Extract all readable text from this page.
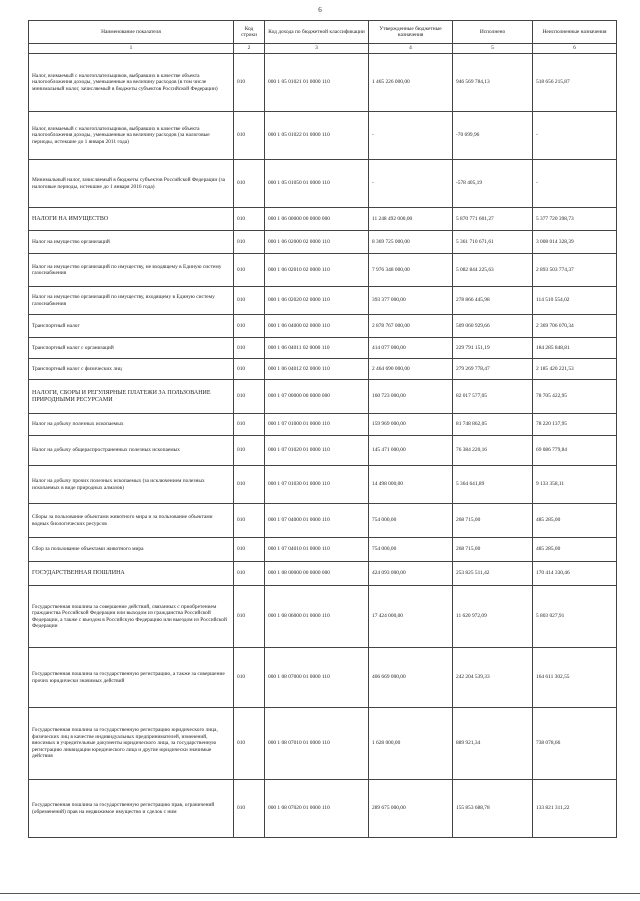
6
Наименование показателя	Код строки	Код дохода по бюджетной классификации	Утвержденные бюджетные назначения	Исполнено	Неисполненные назначения
1	2	3	4	5	6
Налог, взимаемый с налогоплательщиков, выбравших в качестве объекта налогообложения доходы, уменьшенные на величину расходов (в том числе минимальный налог, зачисляемый в бюджеты субъектов Российской Федерации)	010	000 1 05 01021 01 0000 110	1 465 226 000,00	946 569 784,13	518 656 215,87
Налог, взимаемый с налогоплательщиков, выбравших в качестве объекта налогообложения доходы, уменьшенные на величину расходов (за налоговые периоды, истекшие до 1 января 2011 года)	010	000 1 05 01022 01 0000 110	-	-70 699,96	-
Минимальный налог, зачисляемый в бюджеты субъектов Российской Федерации (за налоговые периоды, истекшие до 1 января 2016 года)	010	000 1 05 01050 01 0000 110	-	-578 405,19	-
НАЛОГИ НА ИМУЩЕСТВО	010	000 1 06 00000 00 0000 000	11 248 492 000,00	5 870 771 601,27	5 377 720 398,73
Налог на имущество организаций	010	000 1 06 02000 02 0000 110	8 369 725 000,00	5 361 710 671,61	3 008 014 328,39
Налог на имущество организаций по имуществу, не входящему в Единую систему газоснабжения	010	000 1 06 02010 02 0000 110	7 976 348 000,00	5 082 844 225,63	2 893 503 774,37
Налог на имущество организаций по имуществу, входящему в Единую систему газоснабжения	010	000 1 06 02020 02 0000 110	393 377 000,00	278 866 445,98	114 510 554,02
Транспортный налог	010	000 1 06 04000 02 0000 110	2 878 767 000,00	509 060 929,66	2 369 706 070,34
Транспортный налог с организаций	010	000 1 06 04011 02 0000 110	414 077 000,00	229 791 151,19	184 285 848,81
Транспортный налог с физических лиц	010	000 1 06 04012 02 0000 110	2 464 690 000,00	279 269 778,47	2 185 420 221,53
НАЛОГИ, СБОРЫ И РЕГУЛЯРНЫЕ ПЛАТЕЖИ ЗА ПОЛЬЗОВАНИЕ ПРИРОДНЫМИ РЕСУРСАМИ	010	000 1 07 00000 00 0000 000	160 723 000,00	82 017 577,05	78 705 422,95
Налог на добычу полезных ископаемых	010	000 1 07 01000 01 0000 110	159 969 000,00	81 748 862,05	78 220 137,95
Налог на добычу общераспространенных полезных ископаемых	010	000 1 07 01020 01 0000 110	145 471 000,00	76 384 220,16	69 086 779,84
Налог на добычу прочих полезных ископаемых (за исключением полезных ископаемых в виде природных алмазов)	010	000 1 07 01030 01 0000 110	14 498 000,00	5 364 641,89	9 133 358,11
Сборы за пользование объектами животного мира и за пользование объектами водных биологических ресурсов	010	000 1 07 04000 01 0000 110	754 000,00	268 715,00	485 285,00
Сбор за пользование объектами животного мира	010	000 1 07 04010 01 0000 110	754 000,00	268 715,00	485 285,00
ГОСУДАРСТВЕННАЯ ПОШЛИНА	010	000 1 08 00000 00 0000 000	424 093 000,00	253 825 511,42	170 414 330,46
Государственная пошлина за совершение действий, связанных с приобретением гражданства Российской Федерации или выходом из гражданства Российской Федерации, а также с въездом в Российскую Федерацию или выездом из Российской Федерации	010	000 1 08 06000 01 0000 110	17 424 000,00	11 620 972,09	5 803 027,91
Государственная пошлина за государственную регистрацию, а также за совершение прочих юридически значимых действий	010	000 1 08 07000 01 0000 110	406 669 000,00	242 204 539,33	164 611 302,55
Государственная пошлина за государственную регистрацию юридического лица, физических лиц в качестве индивидуальных предпринимателей, изменений, вносимых в учредительные документы юридического лица, за государственную регистрацию ликвидации юридического лица и другие юридически значимые действия	010	000 1 08 07010 01 0000 110	1 628 000,00	889 921,34	738 078,66
Государственная пошлина за государственную регистрацию прав, ограничений (обременений) прав на недвижимое имущество и сделок с ним	010	000 1 08 07020 01 0000 110	289 675 000,00	155 853 688,78	133 821 311,22
